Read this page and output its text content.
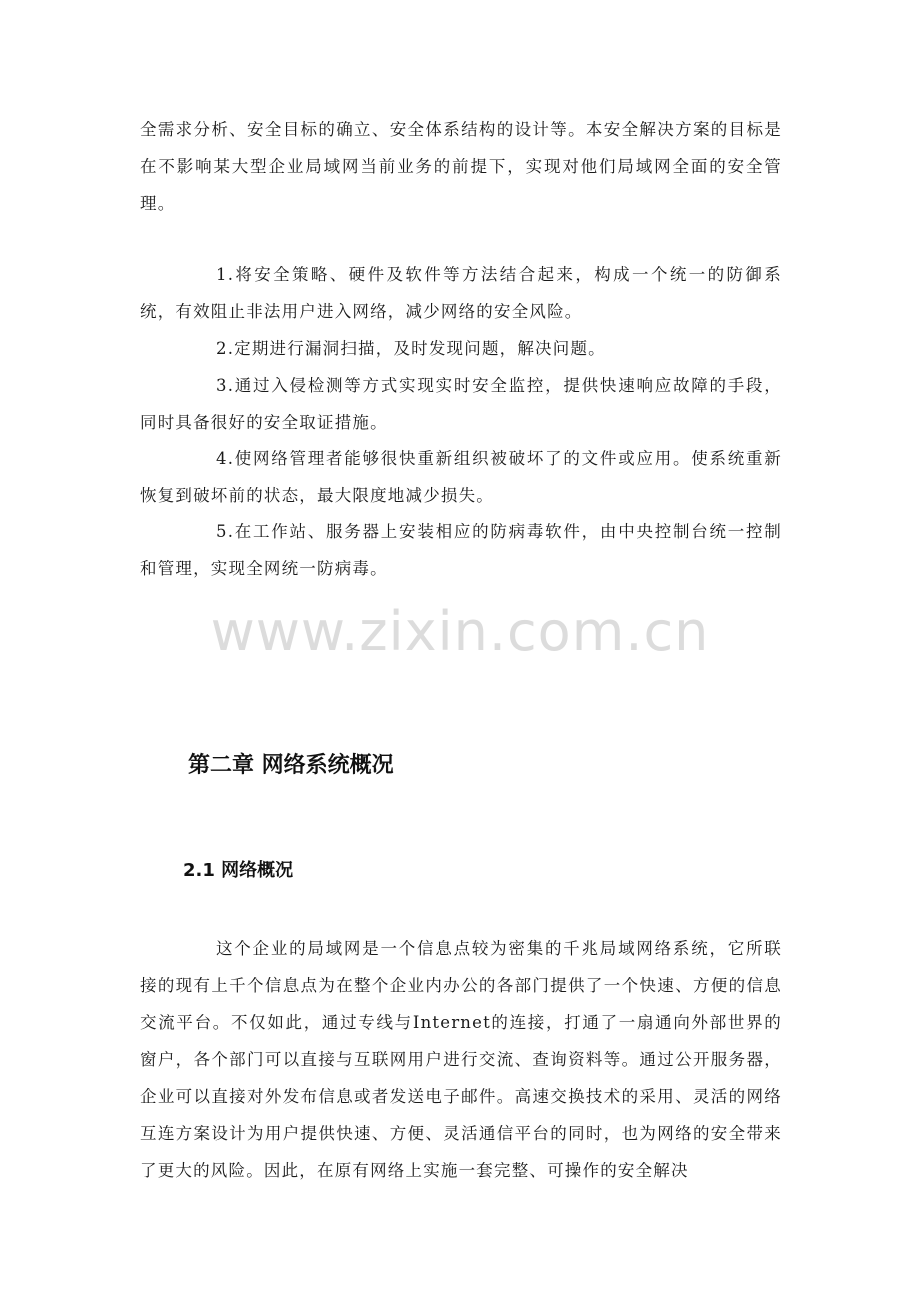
全需求分析、安全目标的确立、安全体系结构的设计等。本安全解决方案的目标是在不影响某大型企业局域网当前业务的前提下，实现对他们局域网全面的安全管理。

1.将安全策略、硬件及软件等方法结合起来，构成一个统一的防御系统，有效阻止非法用户进入网络，减少网络的安全风险。

2.定期进行漏洞扫描，及时发现问题，解决问题。

3.通过入侵检测等方式实现实时安全监控，提供快速响应故障的手段，同时具备很好的安全取证措施。

4.使网络管理者能够很快重新组织被破坏了的文件或应用。使系统重新恢复到破坏前的状态，最大限度地减少损失。

5.在工作站、服务器上安装相应的防病毒软件，由中央控制台统一控制和管理，实现全网统一防病毒。

www.zixin.com.cn
第二章 网络系统概况
2.1 网络概况

这个企业的局域网是一个信息点较为密集的千兆局域网络系统，它所联接的现有上千个信息点为在整个企业内办公的各部门提供了一个快速、方便的信息交流平台。不仅如此，通过专线与Internet的连接，打通了一扇通向外部世界的窗户，各个部门可以直接与互联网用户进行交流、查询资料等。通过公开服务器，企业可以直接对外发布信息或者发送电子邮件。高速交换技术的采用、灵活的网络互连方案设计为用户提供快速、方便、灵活通信平台的同时，也为网络的安全带来了更大的风险。因此，在原有网络上实施一套完整、可操作的安全解决
